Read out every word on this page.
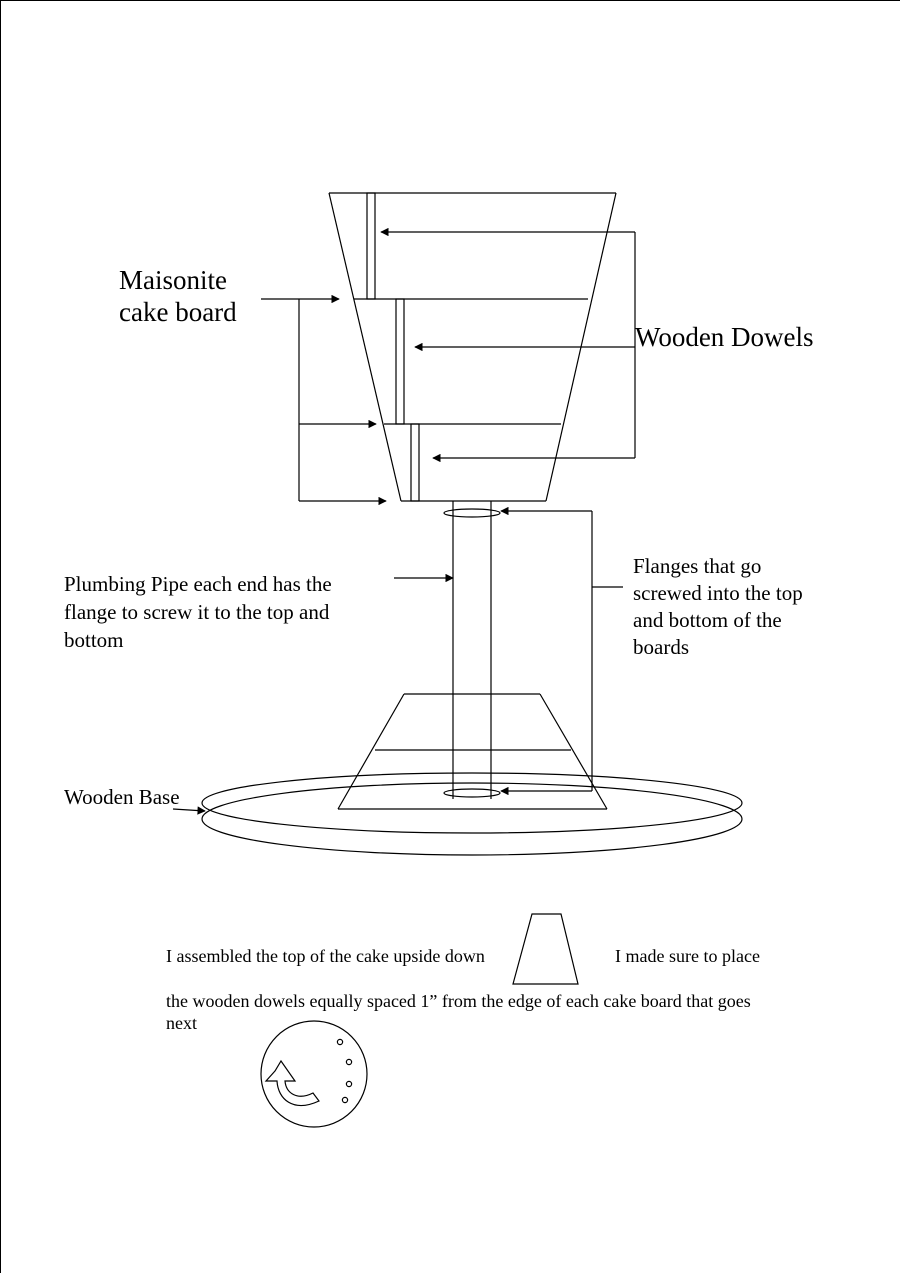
Maisonite
cake board
Wooden Dowels
Plumbing Pipe each end has the
flange to screw it to the top and
bottom
Flanges that go
screwed into the top
and bottom of the
boards
Wooden Base
I assembled the top of the cake upside down	I made sure to place
the wooden dowels equally spaced 1” from the edge of each cake board that goes
next
